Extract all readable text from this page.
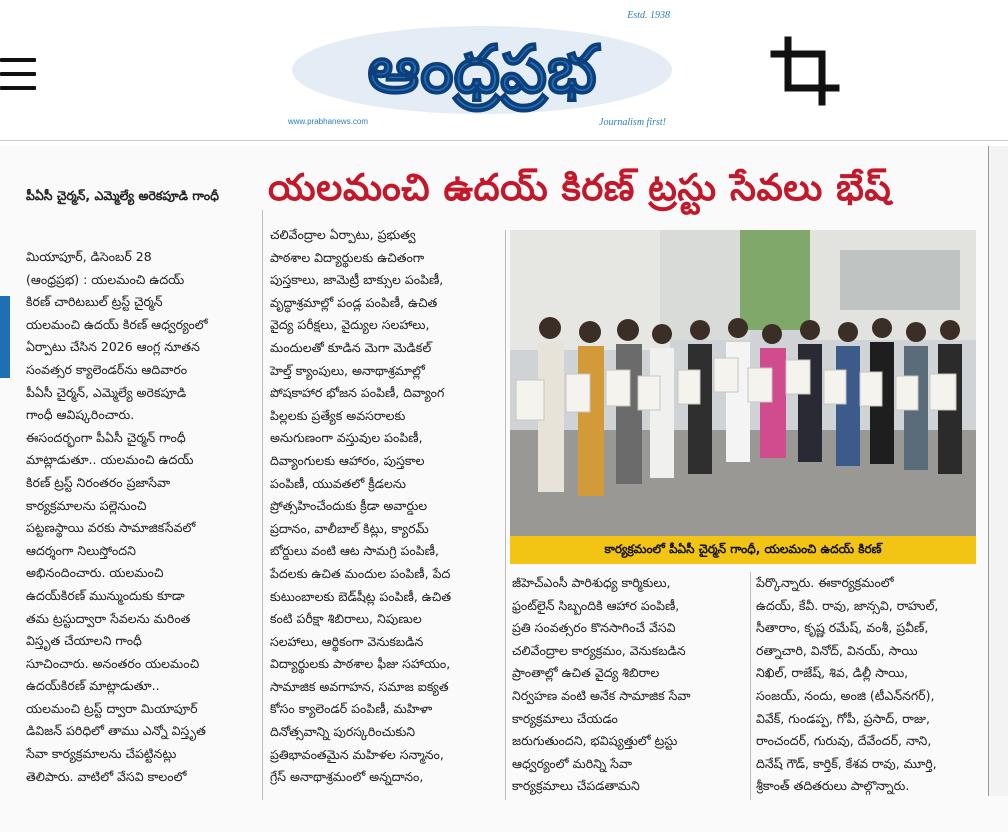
ఆంధ్రప్రభ
Estd. 1938
www.prabhanews.com	Journalism first!
పీఏసీ చైర్మన్, ఎమ్మెల్యే అరెకపూడి గాంధీ యలమంచి ఉదయ్ కిరణ్ ట్రస్టు సేవలు భేష్

మియాపూర్, డిసెంబర్ 28

(ఆంధ్రప్రభ) : యలమంచి ఉదయ్

కిరణ్ చారిటబుల్ ట్రస్ట్ చైర్మన్

యలమంచి ఉదయ్ కిరణ్ ఆధ్వర్యంలో

ఏర్పాటు చేసిన 2026 ఆంగ్ల నూతన

సంవత్సర క్యాలెండర్‌ను ఆదివారం

పీఏసీ చైర్మన్, ఎమ్మెల్యే అరెకపూడి

గాంధీ ఆవిష్కరించారు.

ఈసందర్భంగా పీఏసీ చైర్మన్ గాంధీ

మాట్లాడుతూ.. యలమంచి ఉదయ్

కిరణ్ ట్రస్ట్ నిరంతరం ప్రజాసేవా

కార్యక్రమాలను పల్లెనుంచి

పట్టణస్థాయి వరకు సామాజికసేవలో

ఆదర్శంగా నిలుస్తోందని

అభినందించారు. యలమంచి

ఉదయ్‌కిరణ్ మున్ముందుకు కూడా

తమ ట్రస్టుద్వారా సేవలను మరింత

విస్తృత చేయాలని గాంధీ

సూచించారు. అనంతరం యలమంచి

ఉదయ్‌కిరణ్ మాట్లాడుతూ..

యలమంచి ట్రస్ట్ ద్వారా మియాపూర్

డివిజన్ పరిధిలో తాము ఎన్నో విస్తృత

సేవా కార్యక్రమాలను చేపట్టినట్లు

తెలిపారు. వాటిలో వేసవి కాలంలో

చలివేంద్రాల ఏర్పాటు, ప్రభుత్వ

పాఠశాల విద్యార్థులకు ఉచితంగా

పుస్తకాలు, జామెట్రీ బాక్సుల పంపిణీ,

వృద్ధాశ్రమాల్లో పండ్ల పంపిణీ, ఉచిత

వైద్య పరీక్షలు, వైద్యుల సలహాలు,

మందులతో కూడిన మెగా మెడికల్

హెల్త్ క్యాంపులు, అనాథాశ్రమాల్లో

పోషకాహార భోజన పంపిణీ, దివ్యాంగ

పిల్లలకు ప్రత్యేక అవసరాలకు

అనుగుణంగా వస్తువుల పంపిణీ,

దివ్యాంగులకు ఆహారం, పుస్తకాల

పంపిణీ, యువతలో క్రీడలను

ప్రోత్సహించేందుకు క్రీడా అవార్డుల

ప్రదానం, వాలీబాల్ కిట్లు, క్యారమ్

బోర్డులు వంటి ఆట సామగ్రి పంపిణీ,

పేదలకు ఉచిత మందుల పంపిణీ, పేద

కుటుంబాలకు బెడ్‌షీట్ల పంపిణీ, ఉచిత

కంటి పరీక్షా శిబిరాలు, నిపుణుల

సలహాలు, ఆర్థికంగా వెనుకబడిన

విద్యార్థులకు పాఠశాల ఫీజు సహాయం,

సామాజిక అవగాహన, సమాజ ఐక్యత

కోసం క్యాలెండర్ పంపిణీ, మహిళా

దినోత్సవాన్ని పురస్కరించుకుని

ప్రతిభావంతమైన మహిళల సన్మానం,

గ్రేస్ అనాథాశ్రమంలో అన్నదానం,

జీహెచ్ఎంసీ పారిశుధ్య కార్మికులు,

ఫ్రంట్‌లైన్ సిబ్బందికి ఆహార పంపిణీ,

ప్రతి సంవత్సరం కొనసాగించే వేసవి

చలివేంద్రాల కార్యక్రమం, వెనుకబడిన

ప్రాంతాల్లో ఉచిత వైద్య శిబిరాల

నిర్వహణ వంటి అనేక సామాజిక సేవా

కార్యక్రమాలు చేయడం

జరుగుతుందని, భవిష్యత్తులో ట్రస్టు

ఆధ్వర్యంలో మరిన్ని సేవా

కార్యక్రమాలు చేపడతామని

పేర్కొన్నారు. ఈకార్యక్రమంలో

ఉదయ్, కేవీ. రావు, జాన్సవి, రాహుల్,

సీతారాం, కృష్ణ రమేష్, వంశీ, ప్రవీణ్,

రత్నాచారి, వినోద్, వినయ్, సాయి

నిఖిల్, రాజేష్, శివ, డిల్లీ సాయి,

సంజయ్, నందు, అంజి (టీఎన్‌నగర్),

వివేక్, గుండప్ప, గోపీ, ప్రసాద్, రాజు,

రాంచందర్, గురువు, దేవేందర్, నాని,

దినేష్ గౌడ్, కార్తిక్, కేశవ రావు, మూర్తి,

శ్రీకాంత్ తదితరులు పాల్గొన్నారు.

కార్యక్రమంలో పీఏసీ చైర్మన్ గాంధీ, యలమంచి ఉదయ్ కిరణ్
